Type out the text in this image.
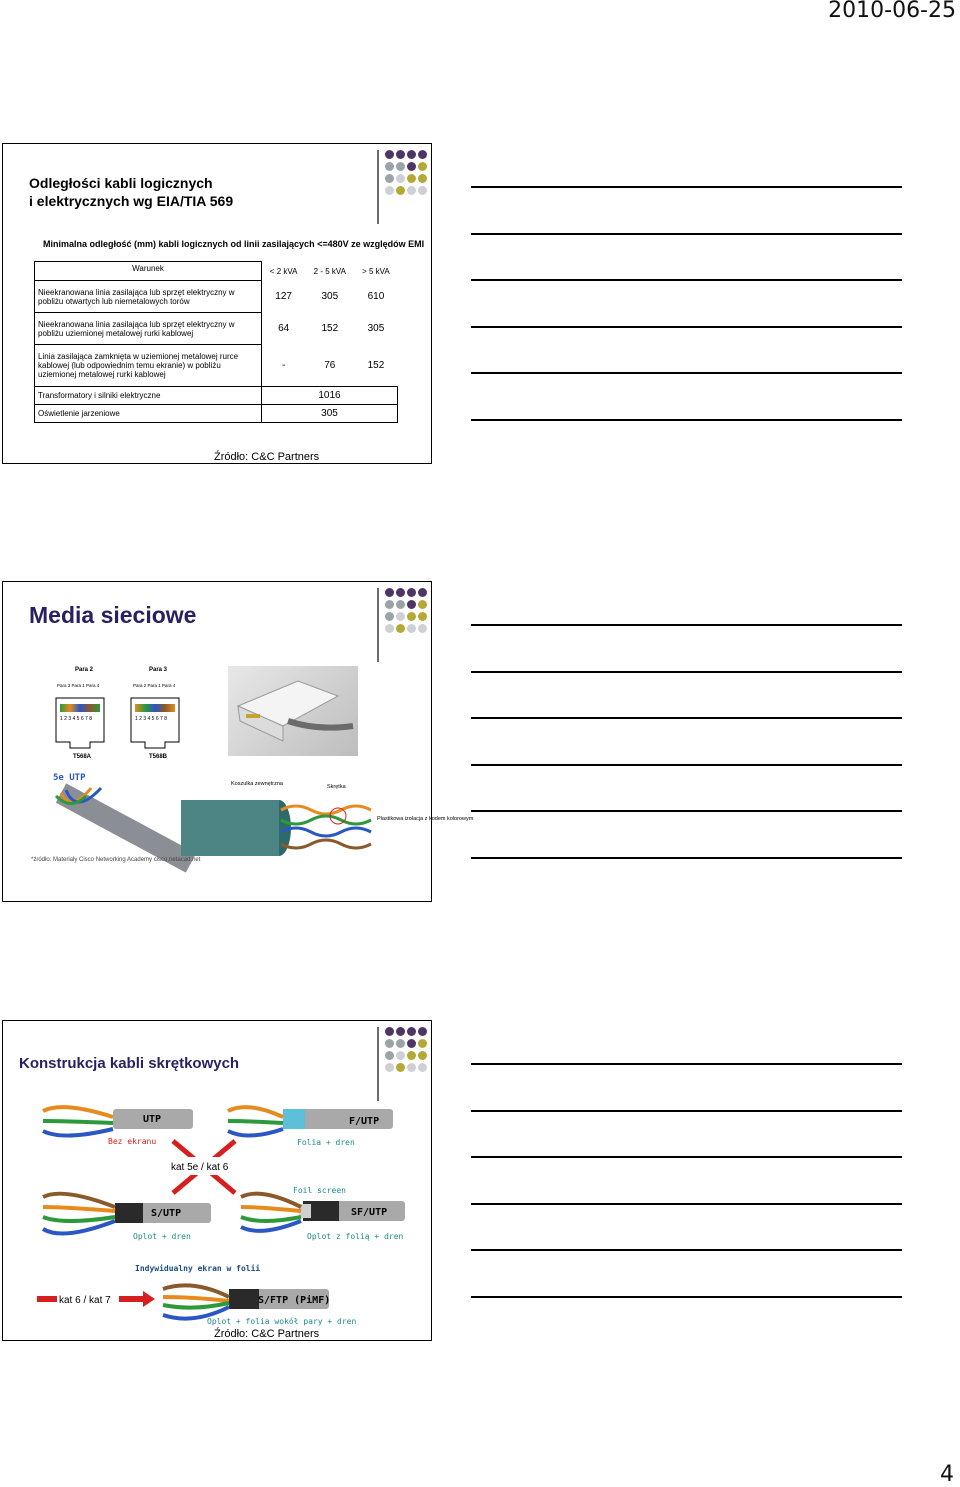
2010-06-25
Odległości kabli logicznych
i elektrycznych wg EIA/TIA 569
Minimalna odległość (mm) kabli logicznych od linii zasilających <=480V ze względów EMI
Warunek	< 2 kVA	2 - 5 kVA	> 5 kVA
Nieekranowana linia zasilająca lub sprzęt elektryczny w pobliżu otwartych lub niemetalowych torów	127	305	610
Nieekranowana linia zasilająca lub sprzęt elektryczny w pobliżu uziemionej metalowej rurki kablowej	64	152	305
Linia zasilająca zamknięta w uziemionej metalowej rurce kablowej (lub odpowiednim temu ekranie) w pobliżu uziemionej metalowej rurki kablowej	-	76	152
Transformatory i silniki elektryczne	1016		
Oświetlenie jarzeniowe	305		
Źródło: C&C Partners
Media sieciowe
Para 2	Para 3
Para 3 Para 1 Para 4	Para 2 Para 1 Para 4
1 2 3 4 5 6 7 8	1 2 3 4 5 6 7 8
T568A	T568B
5e UTP
Koszulka zewnętrzna	Skrętka
Plastikowa izolacja z kodem kolorowym
*źródło: Materiały Cisco Networking Academy cisco.netacad.net
Konstrukcja kabli skrętkowych
UTP
Bez ekranu
F/UTP
Folia + dren
kat 5e / kat 6
S/UTP
Oplot + dren
Foil screen
SF/UTP
Oplot z folią + dren
Indywidualny ekran w folii
kat 6 / kat 7	S/FTP (PiMF)
Oplot + folia wokół pary + dren
Źródło: C&C Partners
4
